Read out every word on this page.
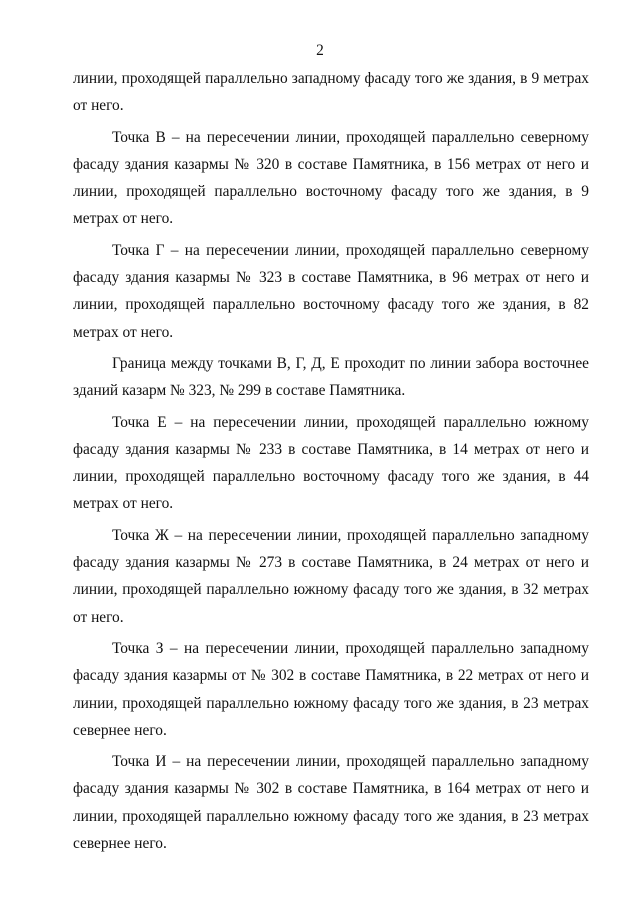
2

линии, проходящей параллельно западному фасаду того же здания, в 9 метрах от него.

Точка В – на пересечении линии, проходящей параллельно северному фасаду здания казармы № 320 в составе Памятника, в 156 метрах от него и линии, проходящей параллельно восточному фасаду того же здания, в 9 метрах от него.

Точка Г – на пересечении линии, проходящей параллельно северному фасаду здания казармы № 323 в составе Памятника, в 96 метрах от него и линии, проходящей параллельно восточному фасаду того же здания, в 82 метрах от него.

Граница между точками В, Г, Д, Е проходит по линии забора восточнее зданий казарм № 323, № 299 в составе Памятника.

Точка Е – на пересечении линии, проходящей параллельно южному фасаду здания казармы № 233 в составе Памятника, в 14 метрах от него и линии, проходящей параллельно восточному фасаду того же здания, в 44 метрах от него.

Точка Ж – на пересечении линии, проходящей параллельно западному фасаду здания казармы № 273 в составе Памятника, в 24 метрах от него и линии, проходящей параллельно южному фасаду того же здания, в 32 метрах от него.

Точка З – на пересечении линии, проходящей параллельно западному фасаду здания казармы от № 302 в составе Памятника, в 22 метрах от него и линии, проходящей параллельно южному фасаду того же здания, в 23 метрах севернее него.

Точка И – на пересечении линии, проходящей параллельно западному фасаду здания казармы № 302 в составе Памятника, в 164 метрах от него и линии, проходящей параллельно южному фасаду того же здания, в 23 метрах севернее него.
